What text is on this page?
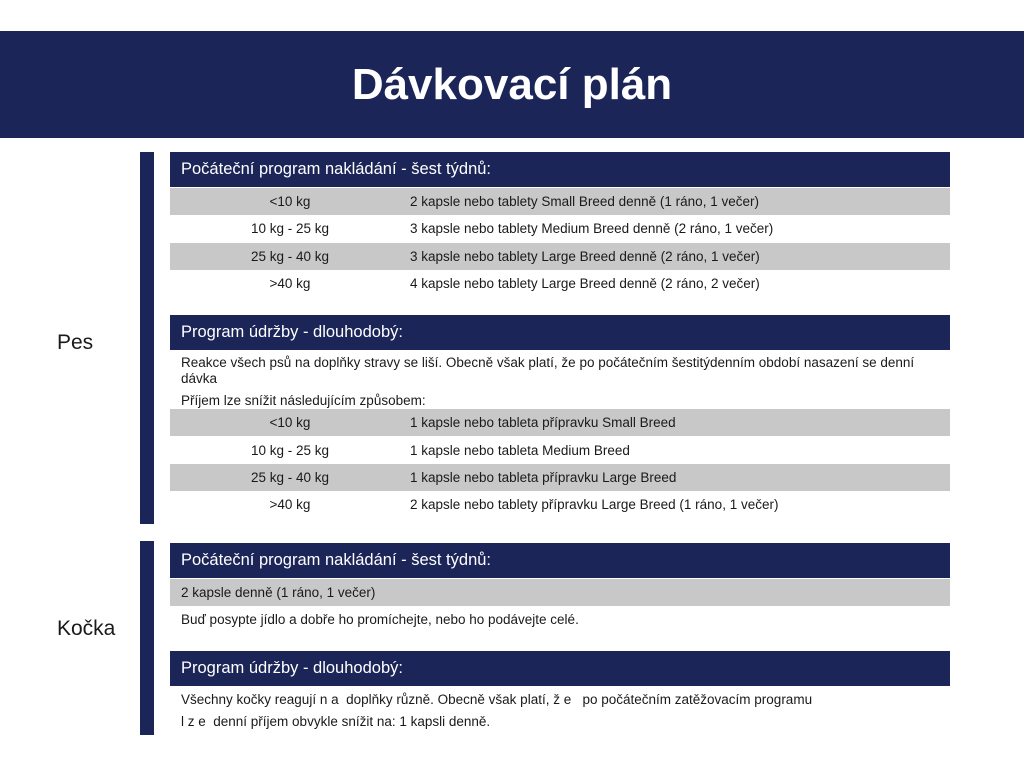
Dávkovací plán
Pes
Počáteční program nakládání - šest týdnů:
<10 kg	2 kapsle nebo tablety Small Breed denně (1 ráno, 1 večer)
10 kg - 25 kg	3 kapsle nebo tablety Medium Breed denně (2 ráno, 1 večer)
25 kg - 40 kg	3 kapsle nebo tablety Large Breed denně (2 ráno, 1 večer)
>40 kg	4 kapsle nebo tablety Large Breed denně (2 ráno, 2 večer)
Program údržby - dlouhodobý:
Reakce všech psů na doplňky stravy se liší. Obecně však platí, že po počátečním šestitýdenním období nasazení se denní dávka
Příjem lze snížit následujícím způsobem:
<10 kg	1 kapsle nebo tableta přípravku Small Breed
10 kg - 25 kg	1 kapsle nebo tableta Medium Breed
25 kg - 40 kg	1 kapsle nebo tableta přípravku Large Breed
>40 kg	2 kapsle nebo tablety přípravku Large Breed (1 ráno, 1 večer)
Kočka
Počáteční program nakládání - šest týdnů:
2 kapsle denně (1 ráno, 1 večer)
Buď posypte jídlo a dobře ho promíchejte, nebo ho podávejte celé.
Program údržby - dlouhodobý:
Všechny kočky reagují n a  doplňky různě. Obecně však platí, ž e   po počátečním zatěžovacím programu
l z e  denní příjem obvykle snížit na: 1 kapsli denně.
